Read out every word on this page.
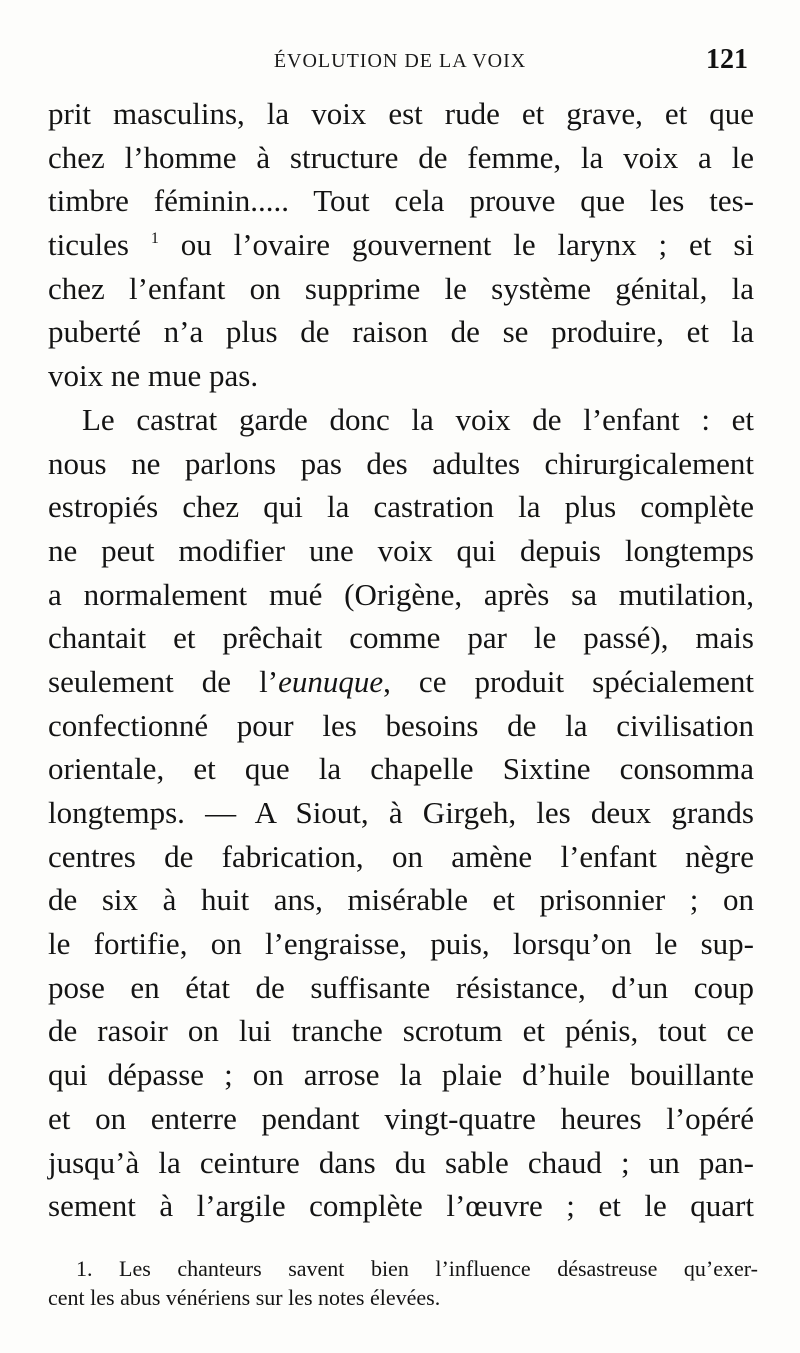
ÉVOLUTION DE LA VOIX	121
prit masculins, la voix est rude et grave, et que
chez l’homme à structure de femme, la voix a le
timbre féminin..... Tout cela prouve que les tes-
ticules $^1$ ou l’ovaire gouvernent le larynx ; et si
chez l’enfant on supprime le système génital, la
puberté n’a plus de raison de se produire, et la
voix ne mue pas.
Le castrat garde donc la voix de l’enfant : et
nous ne parlons pas des adultes chirurgicalement
estropiés chez qui la castration la plus complète
ne peut modifier une voix qui depuis longtemps
a normalement mué (Origène, après sa mutilation,
chantait et prêchait comme par le passé), mais
seulement de l’eunuque, ce produit spécialement
confectionné pour les besoins de la civilisation
orientale, et que la chapelle Sixtine consomma
longtemps. — A Siout, à Girgeh, les deux grands
centres de fabrication, on amène l’enfant nègre
de six à huit ans, misérable et prisonnier ; on
le fortifie, on l’engraisse, puis, lorsqu’on le sup-
pose en état de suffisante résistance, d’un coup
de rasoir on lui tranche scrotum et pénis, tout ce
qui dépasse ; on arrose la plaie d’huile bouillante
et on enterre pendant vingt-quatre heures l’opéré
jusqu’à la ceinture dans du sable chaud ; un pan-
sement à l’argile complète l’œuvre ; et le quart
1. Les chanteurs savent bien l’influence désastreuse qu’exer-
cent les abus vénériens sur les notes élevées.
